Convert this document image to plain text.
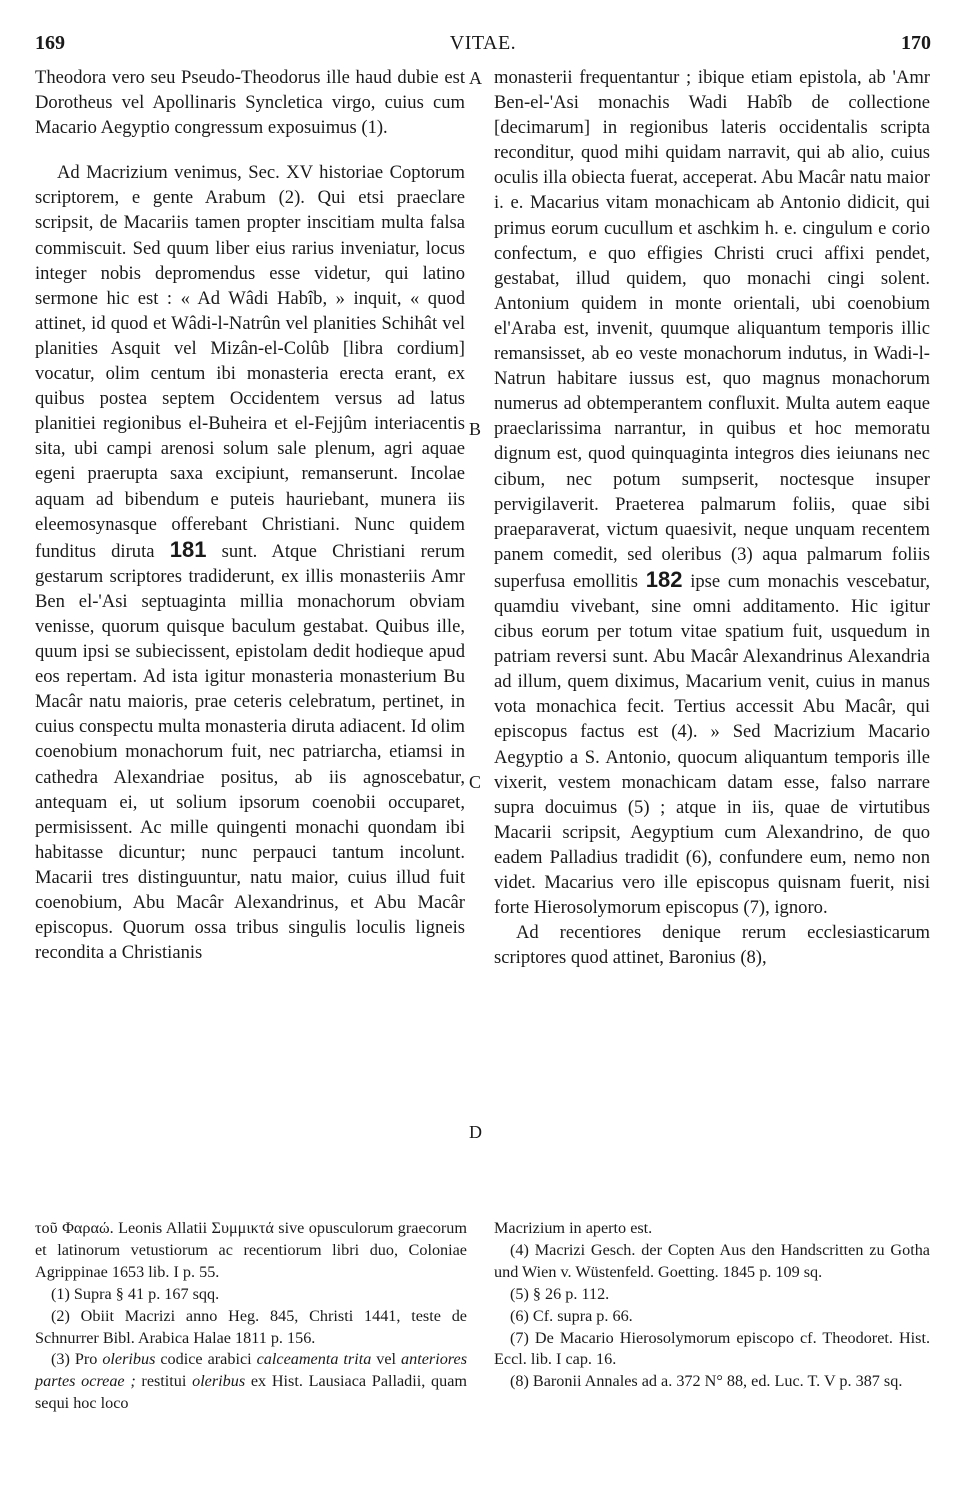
169	VITAE.	170
A
B
C
D

Theodora vero seu Pseudo-Theodorus ille haud dubie est Dorotheus vel Apollinaris Syncletica virgo, cuius cum Macario Aegyptio congressum exposuimus (1).

Ad Macrizium venimus, Sec. XV historiae Coptorum scriptorem, e gente Arabum (2). Qui etsi praeclare scripsit, de Macariis tamen propter inscitiam multa falsa commiscuit. Sed quum liber eius rarius inveniatur, locus integer nobis depromendus esse videtur, qui latino sermone hic est : « Ad Wâdi Habîb, » inquit, « quod attinet, id quod et Wâdi-l-Natrûn vel planities Schihât vel planities Asquit vel Mizân-el-Colûb [libra cordium] vocatur, olim centum ibi monasteria erecta erant, ex quibus postea septem Occidentem versus ad latus planitiei regionibus el-Buheira et el-Fejjûm interiacentis sita, ubi campi arenosi solum sale plenum, agri aquae egeni praerupta saxa excipiunt, remanserunt. Incolae aquam ad bibendum e puteis hauriebant, munera iis eleemosynasque offerebant Christiani. Nunc quidem funditus diruta 181 sunt. Atque Christiani rerum gestarum scriptores tradiderunt, ex illis monasteriis Amr Ben el-'Asi septuaginta millia monachorum obviam venisse, quorum quisque baculum gestabat. Quibus ille, quum ipsi se subiecissent, epistolam dedit hodieque apud eos repertam. Ad ista igitur monasteria monasterium Bu Macâr natu maioris, prae ceteris celebratum, pertinet, in cuius conspectu multa monasteria diruta adiacent. Id olim coenobium monachorum fuit, nec patriarcha, etiamsi in cathedra Alexandriae positus, ab iis agnoscebatur, antequam ei, ut solium ipsorum coenobii occuparet, permisissent. Ac mille quingenti monachi quondam ibi habitasse dicuntur; nunc perpauci tantum incolunt. Macarii tres distinguuntur, natu maior, cuius illud fuit coenobium, Abu Macâr Alexandrinus, et Abu Macâr episcopus. Quorum ossa tribus singulis loculis ligneis recondita a Christianis

monasterii frequentantur ; ibique etiam epistola, ab 'Amr Ben-el-'Asi monachis Wadi Habîb de collectione [decimarum] in regionibus lateris occidentalis scripta reconditur, quod mihi quidam narravit, qui ab alio, cuius oculis illa obiecta fuerat, acceperat. Abu Macâr natu maior i. e. Macarius vitam monachicam ab Antonio didicit, qui primus eorum cucullum et aschkim h. e. cingulum e corio confectum, e quo effigies Christi cruci affixi pendet, gestabat, illud quidem, quo monachi cingi solent. Antonium quidem in monte orientali, ubi coenobium el'Araba est, invenit, quumque aliquantum temporis illic remansisset, ab eo veste monachorum indutus, in Wadi-l-Natrun habitare iussus est, quo magnus monachorum numerus ad obtemperantem confluxit. Multa autem eaque praeclarissima narrantur, in quibus et hoc memoratu dignum est, quod quinquaginta integros dies ieiunans nec cibum, nec potum sumpserit, noctesque insuper pervigilaverit. Praeterea palmarum foliis, quae sibi praeparaverat, victum quaesivit, neque unquam recentem panem comedit, sed oleribus (3) aqua palmarum foliis superfusa emollitis 182 ipse cum monachis vescebatur, quamdiu vivebant, sine omni additamento. Hic igitur cibus eorum per totum vitae spatium fuit, usquedum in patriam reversi sunt. Abu Macâr Alexandrinus Alexandria ad illum, quem diximus, Macarium venit, cuius in manus vota monachica fecit. Tertius accessit Abu Macâr, qui episcopus factus est (4). » Sed Macrizium Macario Aegyptio a S. Antonio, quocum aliquantum temporis ille vixerit, vestem monachicam datam esse, falso narrare supra docuimus (5) ; atque in iis, quae de virtutibus Macarii scripsit, Aegyptium cum Alexandrino, de quo eadem Palladius tradidit (6), confundere eum, nemo non videt. Macarius vero ille episcopus quisnam fuerit, nisi forte Hierosolymorum episcopus (7), ignoro.

Ad recentiores denique rerum ecclesiasticarum scriptores quod attinet, Baronius (8),

τοῦ Φαραώ. Leonis Allatii Συμμικτά sive opusculorum graecorum et latinorum vetustiorum ac recentiorum libri duo, Coloniae Agrippinae 1653 lib. I p. 55.

(1) Supra § 41 p. 167 sqq.

(2) Obiit Macrizi anno Heg. 845, Christi 1441, teste de Schnurrer Bibl. Arabica Halae 1811 p. 156.

(3) Pro oleribus codice arabici calceamenta trita vel anteriores partes ocreae ; restitui oleribus ex Hist. Lausiaca Palladii, quam sequi hoc loco

Macrizium in aperto est.

(4) Macrizi Gesch. der Copten Aus den Handscritten zu Gotha und Wien v. Wüstenfeld. Goetting. 1845 p. 109 sq.

(5) § 26 p. 112.

(6) Cf. supra p. 66.

(7) De Macario Hierosolymorum episcopo cf. Theodoret. Hist. Eccl. lib. I cap. 16.

(8) Baronii Annales ad a. 372 N° 88, ed. Luc. T. V p. 387 sq.
